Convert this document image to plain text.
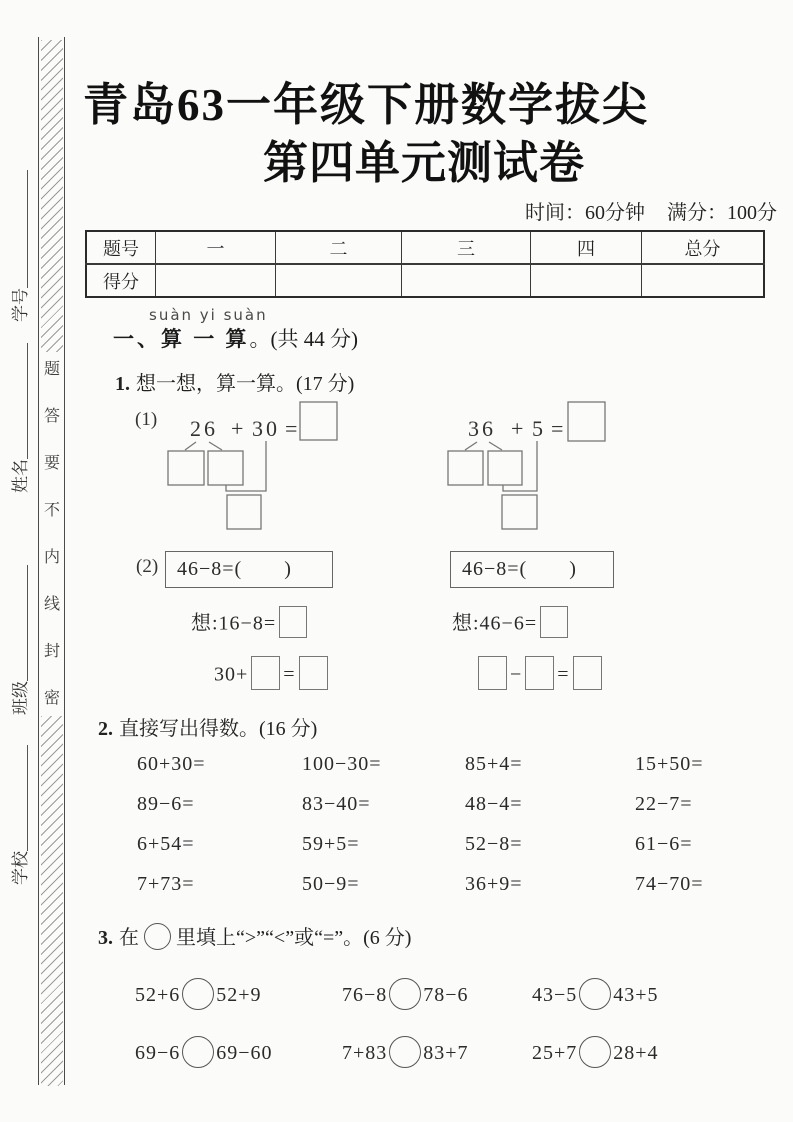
题
答
要
不
内
线
封
密
学号
姓名
班级
学校
青岛63一年级下册数学拔尖
第四单元测试卷
时间：60分钟 满分：100分
题号	一	二	三	四	总分
得分					
suàn yi suàn
一、算 一 算。(共 44 分)
1. 想一想，算一算。(17 分)
(1) 26 + 30 =	36 + 5 =
(2) 46−8=(       )	46−8=(       )
想:16−8=	想:46−6=
30+ =	− =
2. 直接写出得数。(16 分)
60+30=	100−30=	85+4=	15+50=
89−6=	83−40=	48−4=	22−7=
6+54=	59+5=	52−8=	61−6=
7+73=	50−9=	36+9=	74−70=
3. 在 里填上“>”“<”或“=”。(6 分)
52+6 52+9	76−8 78−6	43−5 43+5
69−6 69−60	7+83 83+7	25+7 28+4
